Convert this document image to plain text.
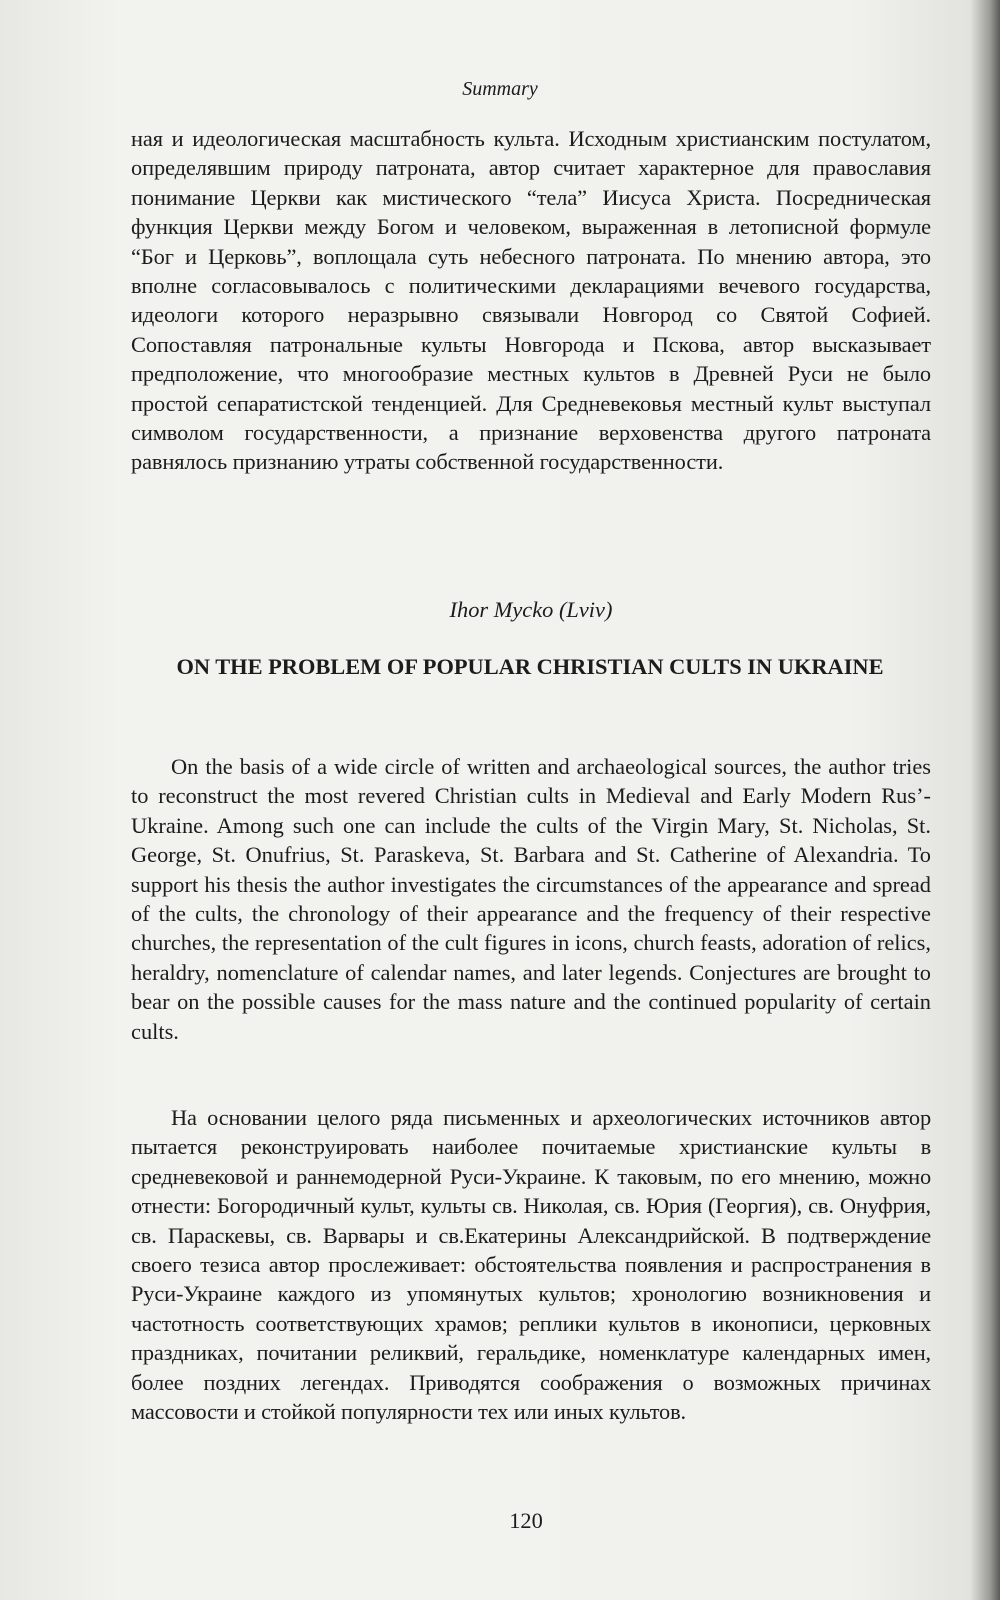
Summary

ная и идеологическая масштабность культа. Исходным христианским постулатом, определявшим природу патроната, автор считает характерное для православия понимание Церкви как мистического “тела” Иисуса Христа. Посредническая функция Церкви между Богом и человеком, выраженная в летописной формуле “Бог и Церковь”, воплощала суть небесного патроната. По мнению автора, это вполне согласовывалось с политическими декларациями вечевого государства, идеологи которого неразрывно связывали Новгород со Святой Софией. Сопоставляя патрональные культы Новгорода и Пскова, автор высказывает предположение, что многообразие местных культов в Древней Руси не было простой сепаратистской тенденцией. Для Средневековья местный культ выступал символом государственности, а признание верховенства другого патроната равнялось признанию утраты собственной государственности.

Ihor Mycko (Lviv)
ON THE PROBLEM OF POPULAR CHRISTIAN CULTS IN UKRAINE

On the basis of a wide circle of written and archaeological sources, the author tries to reconstruct the most revered Christian cults in Medieval and Early Modern Rus’-Ukraine. Among such one can include the cults of the Virgin Mary, St. Nicholas, St. George, St. Onufrius, St. Paraskeva, St. Barbara and St. Catherine of Alexandria. To support his thesis the author investigates the circumstances of the appearance and spread of the cults, the chronology of their appearance and the frequency of their respective churches, the representation of the cult figures in icons, church feasts, adoration of relics, heraldry, nomenclature of calendar names, and later legends. Conjectures are brought to bear on the possible causes for the mass nature and the continued popularity of certain cults.

На основании целого ряда письменных и археологических источников автор пытается реконструировать наиболее почитаемые христианские культы в средневековой и раннемодерной Руси-Украине. К таковым, по его мнению, можно отнести: Богородичный культ, культы св. Николая, св. Юрия (Георгия), св. Онуфрия, св. Параскевы, св. Варвары и св.Екатерины Александрийской. В подтверждение своего тезиса автор прослеживает: обстоятельства появления и распространения в Руси-Украине каждого из упомянутых культов; хронологию возникновения и частотность соответствующих храмов; реплики культов в иконописи, церковных праздниках, почитании реликвий, геральдике, номенклатуре календарных имен, более поздних легендах. Приводятся соображения о возможных причинах массовости и стойкой популярности тех или иных культов.

120
